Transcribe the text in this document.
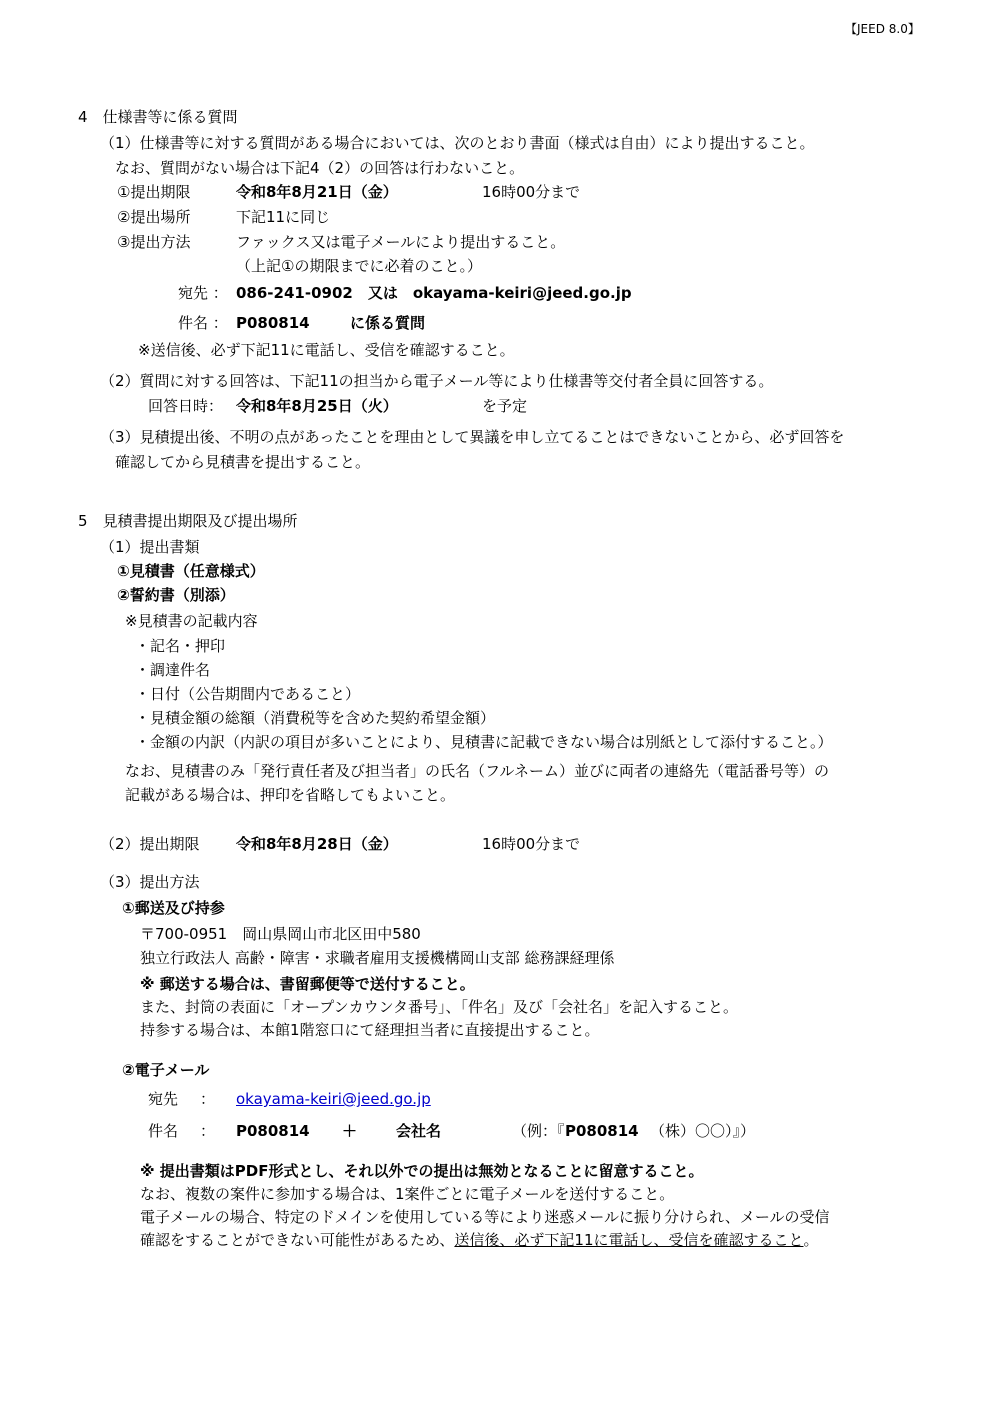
【JEED 8.0】
4　仕様書等に係る質問
（1）仕様書等に対する質問がある場合においては、次のとおり書面（様式は自由）により提出すること。
なお、質問がない場合は下記4（2）の回答は行わないこと。
①提出期限	令和8年8月21日（金）	16時00分まで
②提出場所	下記11に同じ
③提出方法	ファックス又は電子メールにより提出すること。
（上記①の期限までに必着のこと。）
宛先 ： 086-241-0902　又は　okayama-keiri@jeed.go.jp
件名 ： P080814	に係る質問
※送信後、必ず下記11に電話し、受信を確認すること。
（2）質問に対する回答は、下記11の担当から電子メール等により仕様書等交付者全員に回答する。
回答日時： 令和8年8月25日（火）	を予定
（3）見積提出後、不明の点があったことを理由として異議を申し立てることはできないことから、必ず回答を
確認してから見積書を提出すること。
5　見積書提出期限及び提出場所
（1）提出書類
①見積書（任意様式）
②誓約書（別添）
※見積書の記載内容
・記名・押印
・調達件名
・日付（公告期間内であること）
・見積金額の総額（消費税等を含めた契約希望金額）
・金額の内訳（内訳の項目が多いことにより、見積書に記載できない場合は別紙として添付すること。）
なお、見積書のみ「発行責任者及び担当者」の氏名（フルネーム）並びに両者の連絡先（電話番号等）の
記載がある場合は、押印を省略してもよいこと。
（2）提出期限 令和8年8月28日（金）	16時00分まで
（3）提出方法
①郵送及び持参
〒700-0951　岡山県岡山市北区田中580
独立行政法人 高齢・障害・求職者雇用支援機構岡山支部 総務課経理係
※ 郵送する場合は、書留郵便等で送付すること。
また、封筒の表面に「オープンカウンタ番号」、「件名」及び「会社名」を記入すること。
持参する場合は、本館1階窓口にて経理担当者に直接提出すること。
②電子メール
宛先 ： okayama-keiri@jeed.go.jp
件名 ： P080814 ＋	会社名	（例：『 P080814 （株）〇〇）』）
※ 提出書類はPDF形式とし、それ以外での提出は無効となることに留意すること。
なお、複数の案件に参加する場合は、1案件ごとに電子メールを送付すること。
電子メールの場合、特定のドメインを使用している等により迷惑メールに振り分けられ、メールの受信
確認をすることができない可能性があるため、送信後、必ず下記11に電話し、受信を確認すること。
